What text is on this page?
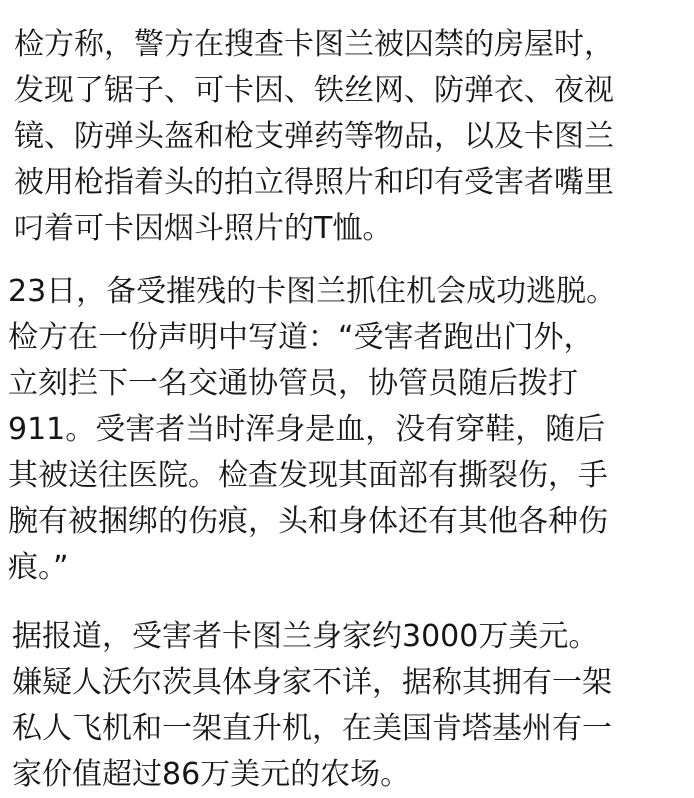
检方称，警方在搜查卡图兰被囚禁的房屋时，
发现了锯子、可卡因、铁丝网、防弹衣、夜视
镜、防弹头盔和枪支弹药等物品，以及卡图兰
被用枪指着头的拍立得照片和印有受害者嘴里
叼着可卡因烟斗照片的T恤。
23日，备受摧残的卡图兰抓住机会成功逃脱。
检方在一份声明中写道：“受害者跑出门外，
立刻拦下一名交通协管员，协管员随后拨打
911。受害者当时浑身是血，没有穿鞋，随后
其被送往医院。检查发现其面部有撕裂伤，手
腕有被捆绑的伤痕，头和身体还有其他各种伤
痕。”
据报道，受害者卡图兰身家约3000万美元。
嫌疑人沃尔茨具体身家不详，据称其拥有一架
私人飞机和一架直升机，在美国肯塔基州有一
家价值超过86万美元的农场。
